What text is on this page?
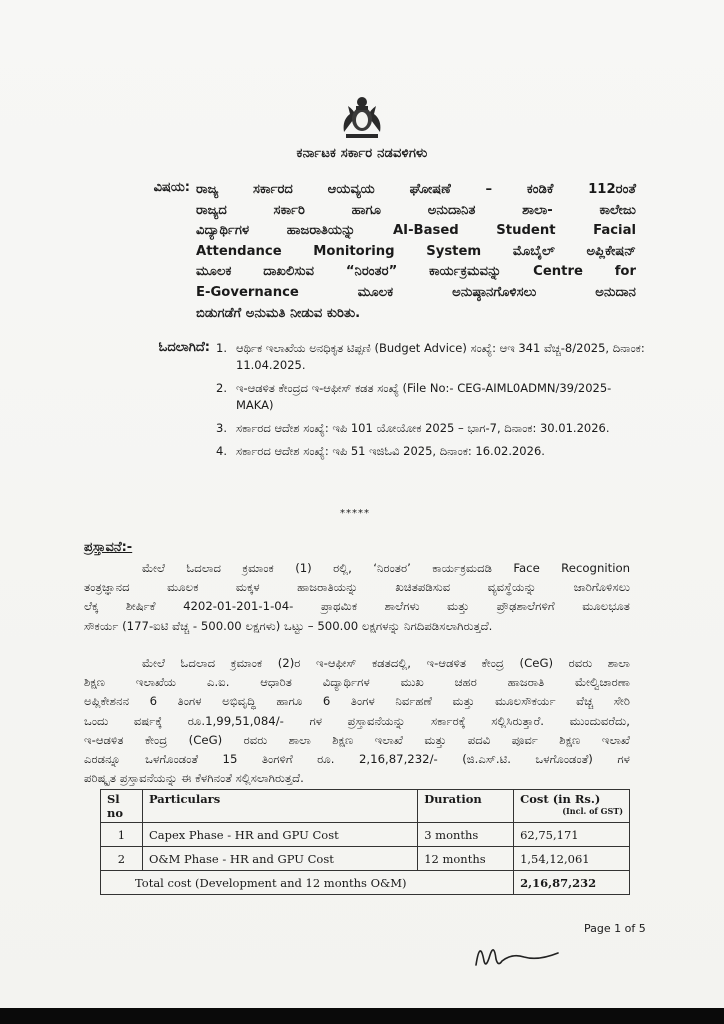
ಕರ್ನಾಟಕ ಸರ್ಕಾರ ನಡವಳಿಗಳು
ವಿಷಯ: ರಾಜ್ಯ ಸರ್ಕಾರದ ಆಯವ್ಯಯ ಘೋಷಣೆ – ಕಂಡಿಕೆ 112ರಂತೆ
ರಾಜ್ಯದ ಸರ್ಕಾರಿ ಹಾಗೂ ಅನುದಾನಿತ ಶಾಲಾ- ಕಾಲೇಜು
ವಿದ್ಯಾರ್ಥಿಗಳ ಹಾಜರಾತಿಯನ್ನು AI-Based Student Facial
Attendance Monitoring System ಮೊಬೈಲ್ ಅಪ್ಲಿಕೇಷನ್
ಮೂಲಕ ದಾಖಲಿಸುವ “ನಿರಂತರ” ಕಾರ್ಯಕ್ರಮವನ್ನು Centre for
E-Governance ಮೂಲಕ ಅನುಷ್ಠಾನಗೊಳಿಸಲು ಅನುದಾನ
ಬಿಡುಗಡೆಗೆ ಅನುಮತಿ ನೀಡುವ ಕುರಿತು.
ಓದಲಾಗಿದೆ: 1. ಆರ್ಥಿಕ ಇಲಾಖೆಯ ಅನಧಿಕೃತ ಟಿಪ್ಪಣಿ (Budget Advice) ಸಂಖ್ಯೆ: ಆಇ 341 ವೆಚ್ಚ-8/2025, ದಿನಾಂಕ: 11.04.2025.
2. ಇ-ಆಡಳಿತ ಕೇಂದ್ರದ ಇ-ಆಫೀಸ್ ಕಡತ ಸಂಖ್ಯೆ (File No:- CEG-AIML0ADMN/39/2025-MAKA)
3. ಸರ್ಕಾರದ ಆದೇಶ ಸಂಖ್ಯೆ: ಇಪಿ 101 ಯೋಯೋಕ 2025 – ಭಾಗ-7, ದಿನಾಂಕ: 30.01.2026.
4. ಸರ್ಕಾರದ ಆದೇಶ ಸಂಖ್ಯೆ: ಇಪಿ 51 ಇಜಿಓವಿ 2025, ದಿನಾಂಕ: 16.02.2026.
*****
ಪ್ರಸ್ತಾವನೆ:-
ಮೇಲೆ ಓದಲಾದ ಕ್ರಮಾಂಕ (1) ರಲ್ಲಿ, ‘ನಿರಂತರ’ ಕಾರ್ಯಕ್ರಮದಡಿ Face Recognition
ತಂತ್ರಜ್ಞಾನದ ಮೂಲಕ ಮಕ್ಕಳ ಹಾಜರಾತಿಯನ್ನು ಖಚಿತಪಡಿಸುವ ವ್ಯವಸ್ಥೆಯನ್ನು ಜಾರಿಗೊಳಿಸಲು
ಲೆಕ್ಕ ಶೀರ್ಷಿಕೆ 4202-01-201-1-04- ಪ್ರಾಥಮಿಕ ಶಾಲೆಗಳು ಮತ್ತು ಪ್ರೌಢಶಾಲೆಗಳಿಗೆ ಮೂಲಭೂತ
ಸೌಕರ್ಯ (177-ಐಟಿ ವೆಚ್ಚ - 500.00 ಲಕ್ಷಗಳು) ಒಟ್ಟು – 500.00 ಲಕ್ಷಗಳನ್ನು ನಿಗದಿಪಡಿಸಲಾಗಿರುತ್ತದೆ.
ಮೇಲೆ ಓದಲಾದ ಕ್ರಮಾಂಕ (2)ರ ಇ-ಆಫೀಸ್ ಕಡತದಲ್ಲಿ, ಇ-ಆಡಳಿತ ಕೇಂದ್ರ (CeG) ರವರು ಶಾಲಾ
ಶಿಕ್ಷಣ ಇಲಾಖೆಯ ಎ.ಐ. ಆಧಾರಿತ ವಿದ್ಯಾರ್ಥಿಗಳ ಮುಖ ಚಹರ ಹಾಜರಾತಿ ಮೇಲ್ವಿಚಾರಣಾ
ಅಪ್ಲಿಕೇಶನನ 6 ತಿಂಗಳ ಅಭಿವೃದ್ಧಿ ಹಾಗೂ 6 ತಿಂಗಳ ನಿರ್ವಹಣೆ ಮತ್ತು ಮೂಲಸೌಕರ್ಯ ವೆಚ್ಚ ಸೇರಿ
ಒಂದು ವರ್ಷಕ್ಕೆ ರೂ.1,99,51,084/- ಗಳ ಪ್ರಸ್ತಾವನೆಯನ್ನು ಸರ್ಕಾರಕ್ಕೆ ಸಲ್ಲಿಸಿರುತ್ತಾರೆ. ಮುಂದುವರೆದು,
ಇ-ಆಡಳಿತ ಕೇಂದ್ರ (CeG) ರವರು ಶಾಲಾ ಶಿಕ್ಷಣ ಇಲಾಖೆ ಮತ್ತು ಪದವಿ ಪೂರ್ವ ಶಿಕ್ಷಣ ಇಲಾಖೆ
ಎರಡನ್ನೂ ಒಳಗೊಂಡಂತೆ 15 ತಿಂಗಳಿಗೆ ರೂ. 2,16,87,232/- (ಜಿ.ಎಸ್.ಟಿ. ಒಳಗೊಂಡಂತೆ) ಗಳ
ಪರಿಷ್ಕೃತ ಪ್ರಸ್ತಾವನೆಯನ್ನು ಈ ಕೆಳಗಿನಂತೆ ಸಲ್ಲಿಸಲಾಗಿರುತ್ತದೆ.
Sl no	Particulars	Duration	Cost (in Rs.)
(Incl. of GST)

1	Capex Phase - HR and GPU Cost	3 months	62,75,171
2	O&M Phase - HR and GPU Cost	12 months	1,54,12,061
Total cost (Development and 12 months O&M)			2,16,87,232
Page 1 of 5
